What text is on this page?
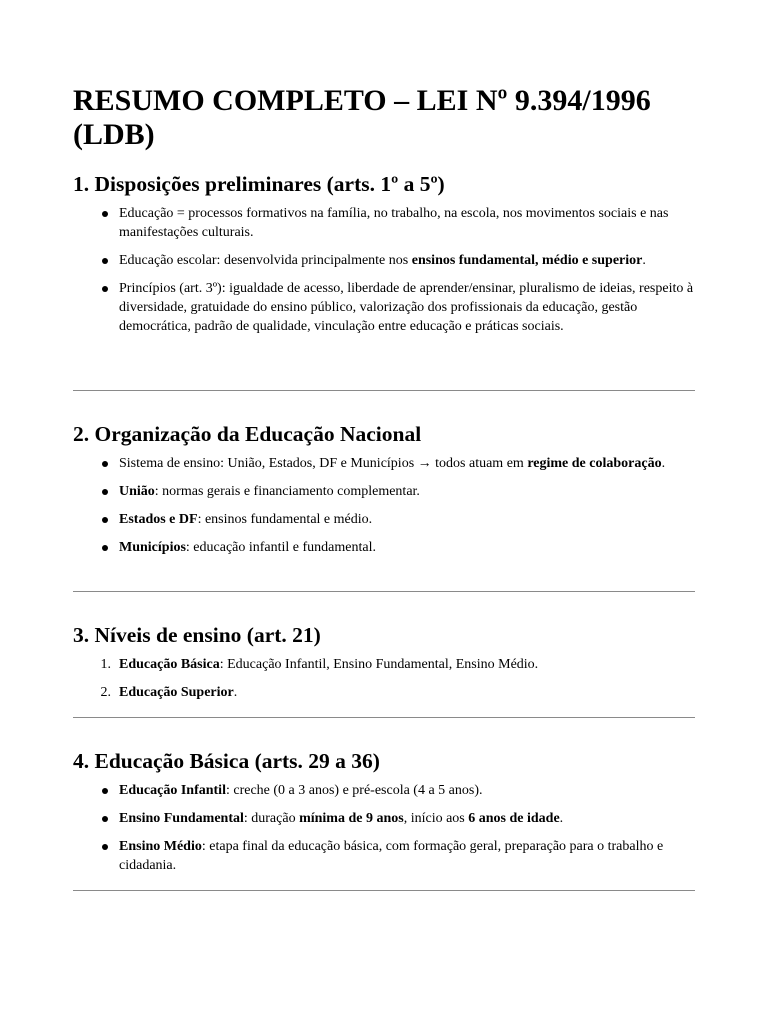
RESUMO COMPLETO – LEI Nº 9.394/1996 (LDB)
1. Disposições preliminares (arts. 1º a 5º)
Educação = processos formativos na família, no trabalho, na escola, nos movimentos sociais e nas manifestações culturais.
Educação escolar: desenvolvida principalmente nos ensinos fundamental, médio e superior.
Princípios (art. 3º): igualdade de acesso, liberdade de aprender/ensinar, pluralismo de ideias, respeito à diversidade, gratuidade do ensino público, valorização dos profissionais da educação, gestão democrática, padrão de qualidade, vinculação entre educação e práticas sociais.
2. Organização da Educação Nacional
Sistema de ensino: União, Estados, DF e Municípios → todos atuam em regime de colaboração.
União: normas gerais e financiamento complementar.
Estados e DF: ensinos fundamental e médio.
Municípios: educação infantil e fundamental.
3. Níveis de ensino (art. 21)
1. Educação Básica: Educação Infantil, Ensino Fundamental, Ensino Médio.
2. Educação Superior.
4. Educação Básica (arts. 29 a 36)
Educação Infantil: creche (0 a 3 anos) e pré-escola (4 a 5 anos).
Ensino Fundamental: duração mínima de 9 anos, início aos 6 anos de idade.
Ensino Médio: etapa final da educação básica, com formação geral, preparação para o trabalho e cidadania.
